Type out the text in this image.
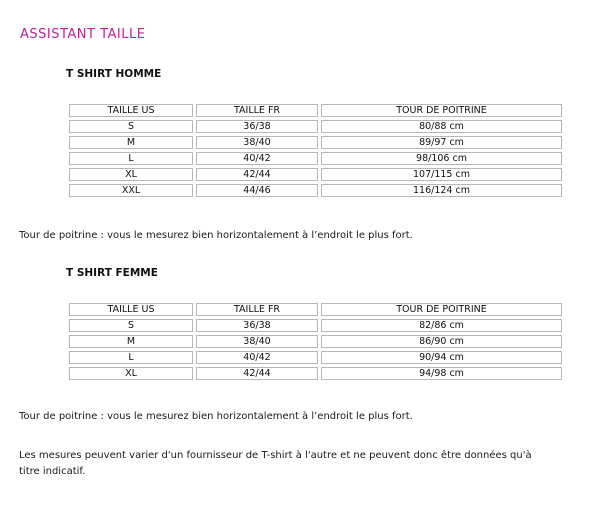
ASSISTANT TAILLE
T SHIRT HOMME
TAILLE US	TAILLE FR	TOUR DE POITRINE
S	36/38	80/88 cm
M	38/40	89/97 cm
L	40/42	98/106 cm
XL	42/44	107/115 cm
XXL	44/46	116/124 cm

Tour de poitrine : vous le mesurez bien horizontalement à l’endroit le plus fort.

T SHIRT FEMME
TAILLE US	TAILLE FR	TOUR DE POITRINE
S	36/38	82/86 cm
M	38/40	86/90 cm
L	40/42	90/94 cm
XL	42/44	94/98 cm

Tour de poitrine : vous le mesurez bien horizontalement à l’endroit le plus fort.

Les mesures peuvent varier d'un fournisseur de T-shirt à l'autre et ne peuvent donc être données qu'à
titre indicatif.
